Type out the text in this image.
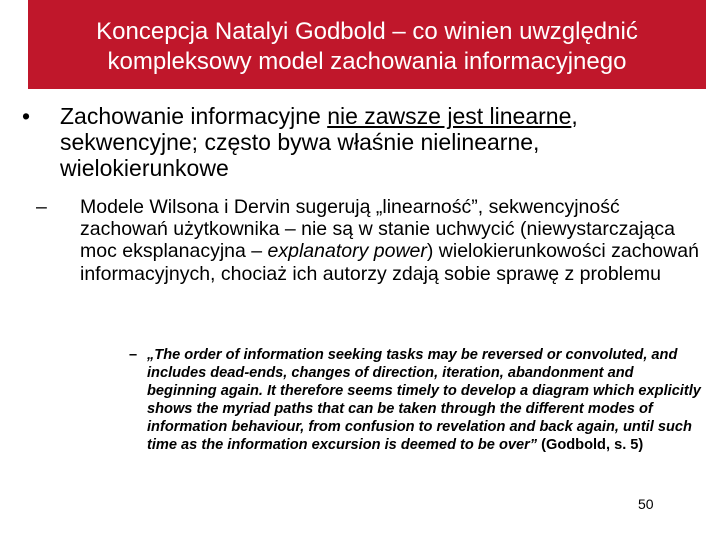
Koncepcja Natalyi Godbold – co winien uwzględnić
kompleksowy model zachowania informacyjnego
• Zachowanie informacyjne nie zawsze jest linearne, sekwencyjne; często bywa właśnie nielinearne, wielokierunkowe
– Modele Wilsona i Dervin sugerują „linearność”, sekwencyjność zachowań użytkownika – nie są w stanie uchwycić (niewystarczająca moc eksplanacyjna – explanatory power) wielokierunkowości zachowań informacyjnych, chociaż ich autorzy zdają sobie sprawę z problemu
– „The order of information seeking tasks may be reversed or convoluted, and includes dead-ends, changes of direction, iteration, abandonment and beginning again. It therefore seems timely to develop a diagram which explicitly shows the myriad paths that can be taken through the different modes of information behaviour, from confusion to revelation and back again, until such time as the information excursion is deemed to be over” (Godbold, s. 5)
50
